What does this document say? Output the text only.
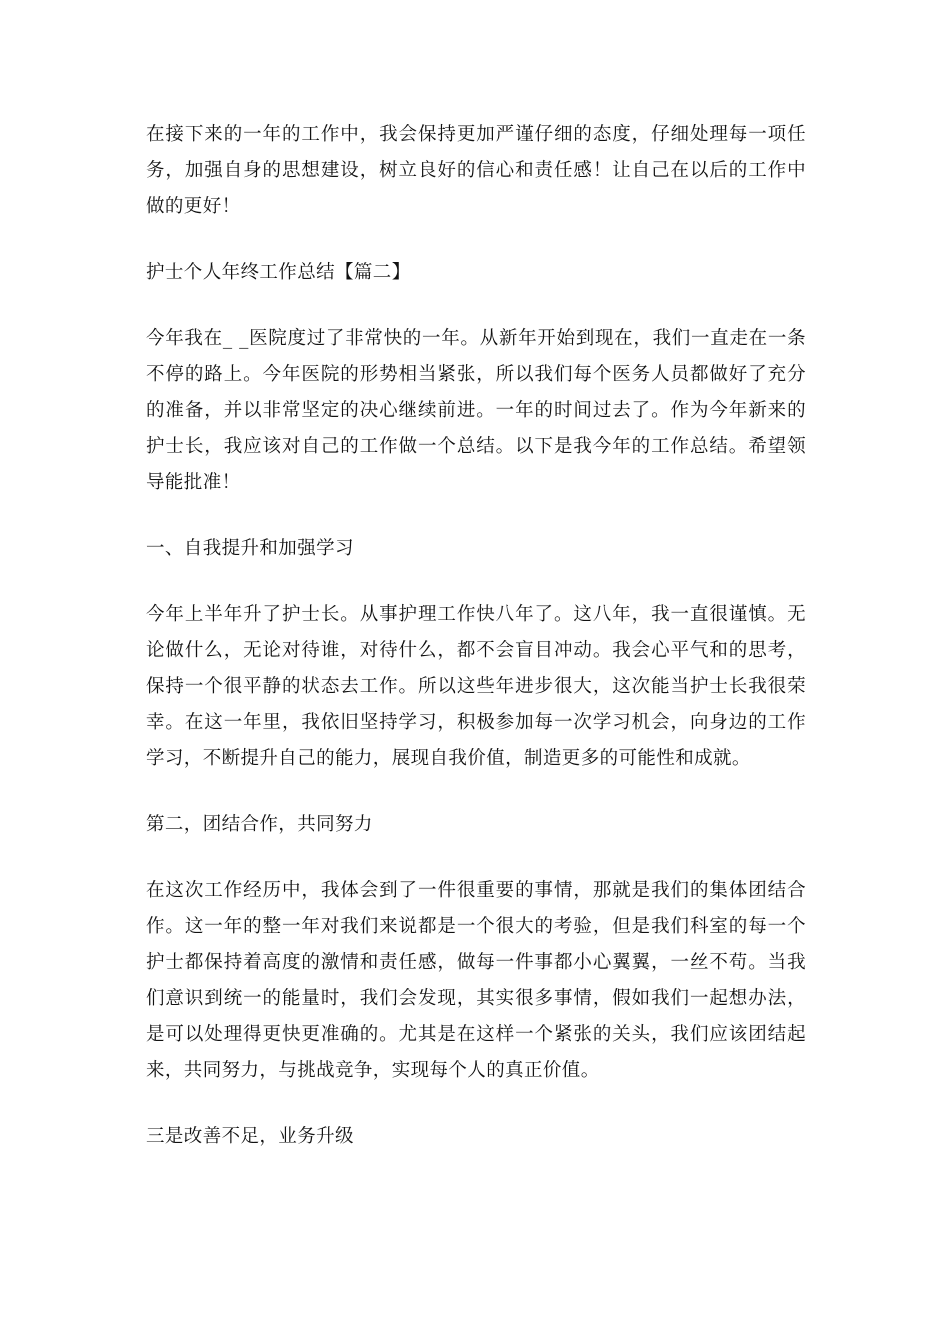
在接下来的一年的工作中，我会保持更加严谨仔细的态度，仔细处理每一项任务，加强自身的思想建设，树立良好的信心和责任感！让自己在以后的工作中做的更好！

护士个人年终工作总结【篇二】

今年我在_ _医院度过了非常快的一年。从新年开始到现在，我们一直走在一条不停的路上。今年医院的形势相当紧张，所以我们每个医务人员都做好了充分的准备，并以非常坚定的决心继续前进。一年的时间过去了。作为今年新来的护士长，我应该对自己的工作做一个总结。以下是我今年的工作总结。希望领导能批准！

一、自我提升和加强学习

今年上半年升了护士长。从事护理工作快八年了。这八年，我一直很谨慎。无论做什么，无论对待谁，对待什么，都不会盲目冲动。我会心平气和的思考，保持一个很平静的状态去工作。所以这些年进步很大，这次能当护士长我很荣幸。在这一年里，我依旧坚持学习，积极参加每一次学习机会，向身边的工作学习，不断提升自己的能力，展现自我价值，制造更多的可能性和成就。

第二，团结合作，共同努力

在这次工作经历中，我体会到了一件很重要的事情，那就是我们的集体团结合作。这一年的整一年对我们来说都是一个很大的考验，但是我们科室的每一个护士都保持着高度的激情和责任感，做每一件事都小心翼翼，一丝不苟。当我们意识到统一的能量时，我们会发现，其实很多事情，假如我们一起想办法，是可以处理得更快更准确的。尤其是在这样一个紧张的关头，我们应该团结起来，共同努力，与挑战竞争，实现每个人的真正价值。

三是改善不足，业务升级
